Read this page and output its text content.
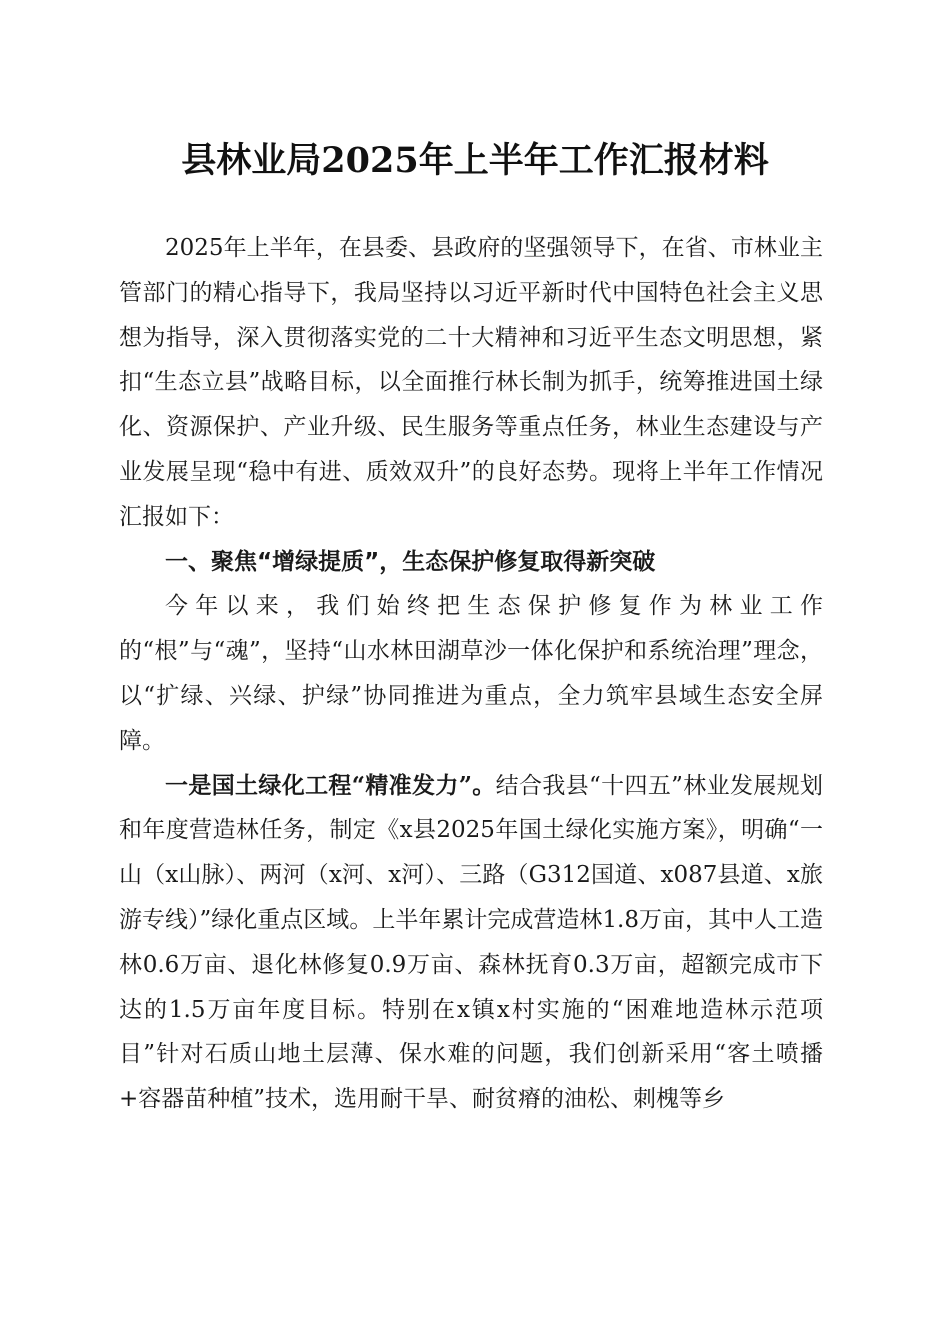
县林业局2025年上半年工作汇报材料

2025年上半年，在县委、县政府的坚强领导下，在省、市林业主管部门的精心指导下，我局坚持以习近平新时代中国特色社会主义思想为指导，深入贯彻落实党的二十大精神和习近平生态文明思想，紧扣“生态立县”战略目标，以全面推行林长制为抓手，统筹推进国土绿化、资源保护、产业升级、民生服务等重点任务，林业生态建设与产业发展呈现“稳中有进、质效双升”的良好态势。现将上半年工作情况汇报如下：

一、聚焦“增绿提质”，生态保护修复取得新突破

今年以来，我们始终把生态保护修复作为林业工作的“根”与“魂”，坚持“山水林田湖草沙一体化保护和系统治理”理念，以“扩绿、兴绿、护绿”协同推进为重点，全力筑牢县域生态安全屏障。

一是国土绿化工程“精准发力”。结合我县“十四五”林业发展规划和年度营造林任务，制定《x县2025年国土绿化实施方案》，明确“一山（x山脉）、两河（x河、x河）、三路（G312国道、x087县道、x旅游专线）”绿化重点区域。上半年累计完成营造林1.8万亩，其中人工造林0.6万亩、退化林修复0.9万亩、森林抚育0.3万亩，超额完成市下达的1.5万亩年度目标。特别在x镇x村实施的“困难地造林示范项目”针对石质山地土层薄、保水难的问题，我们创新采用“客土喷播+容器苗种植”技术，选用耐干旱、耐贫瘠的油松、刺槐等乡
